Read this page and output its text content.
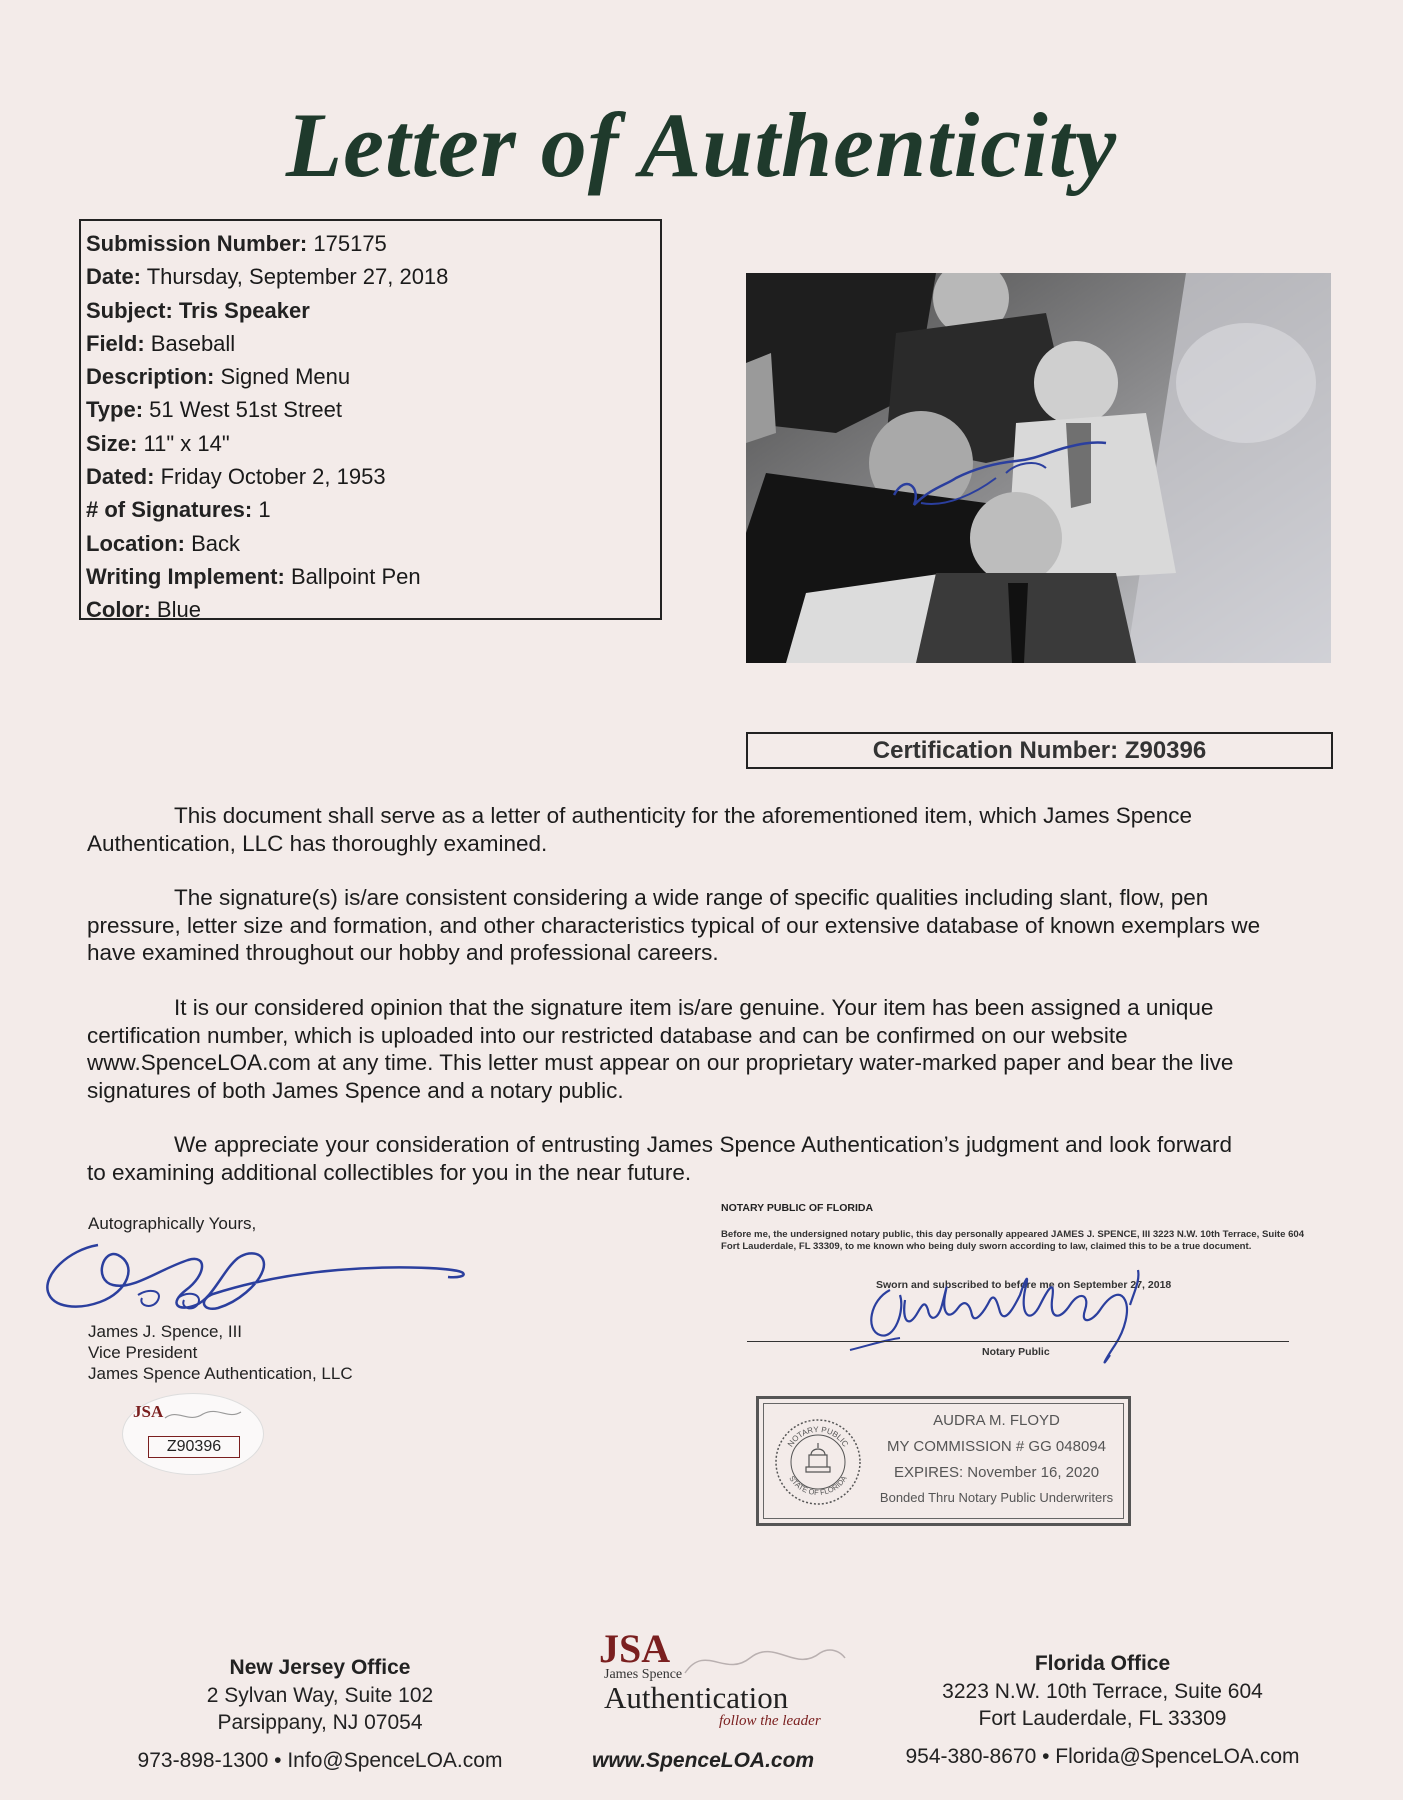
Letter of Authenticity
Submission Number: 175175
Date: Thursday, September 27, 2018
Subject: Tris Speaker
Field: Baseball
Description: Signed Menu
Type: 51 West 51st Street
Size: 11" x 14"
Dated: Friday October 2, 1953
# of Signatures: 1
Location: Back
Writing Implement: Ballpoint Pen
Color: Blue
Certification Number: Z90396
This document shall serve as a letter of authenticity for the aforementioned item, which James Spence Authentication, LLC has thoroughly examined.
The signature(s) is/are consistent considering a wide range of specific qualities including slant, flow, pen pressure, letter size and formation, and other characteristics typical of our extensive database of known exemplars we have examined throughout our hobby and professional careers.
It is our considered opinion that the signature item is/are genuine. Your item has been assigned a unique certification number, which is uploaded into our restricted database and can be confirmed on our website www.SpenceLOA.com at any time. This letter must appear on our proprietary water-marked paper and bear the live signatures of both James Spence and a notary public.
We appreciate your consideration of entrusting James Spence Authentication’s judgment and look forward to examining additional collectibles for you in the near future.
Autographically Yours,
James J. Spence, III
Vice President
James Spence Authentication, LLC
JSA
Z90396
NOTARY PUBLIC OF FLORIDA
Before me, the undersigned notary public, this day personally appeared JAMES J. SPENCE, III 3223 N.W. 10th Terrace, Suite 604 Fort Lauderdale, FL 33309, to me known who being duly sworn according to law, claimed this to be a true document.
Sworn and subscribed to before me on September 27, 2018
Notary Public
NOTARY PUBLIC
STATE OF FLORIDA
AUDRA M. FLOYD
MY COMMISSION # GG 048094
EXPIRES: November 16, 2020
Bonded Thru Notary Public Underwriters
New Jersey Office
2 Sylvan Way, Suite 102
Parsippany, NJ 07054
973-898-1300 • Info@SpenceLOA.com
JSA
James Spence
Authentication
follow the leader
www.SpenceLOA.com
Florida Office
3223 N.W. 10th Terrace, Suite 604
Fort Lauderdale, FL 33309
954-380-8670 • Florida@SpenceLOA.com
